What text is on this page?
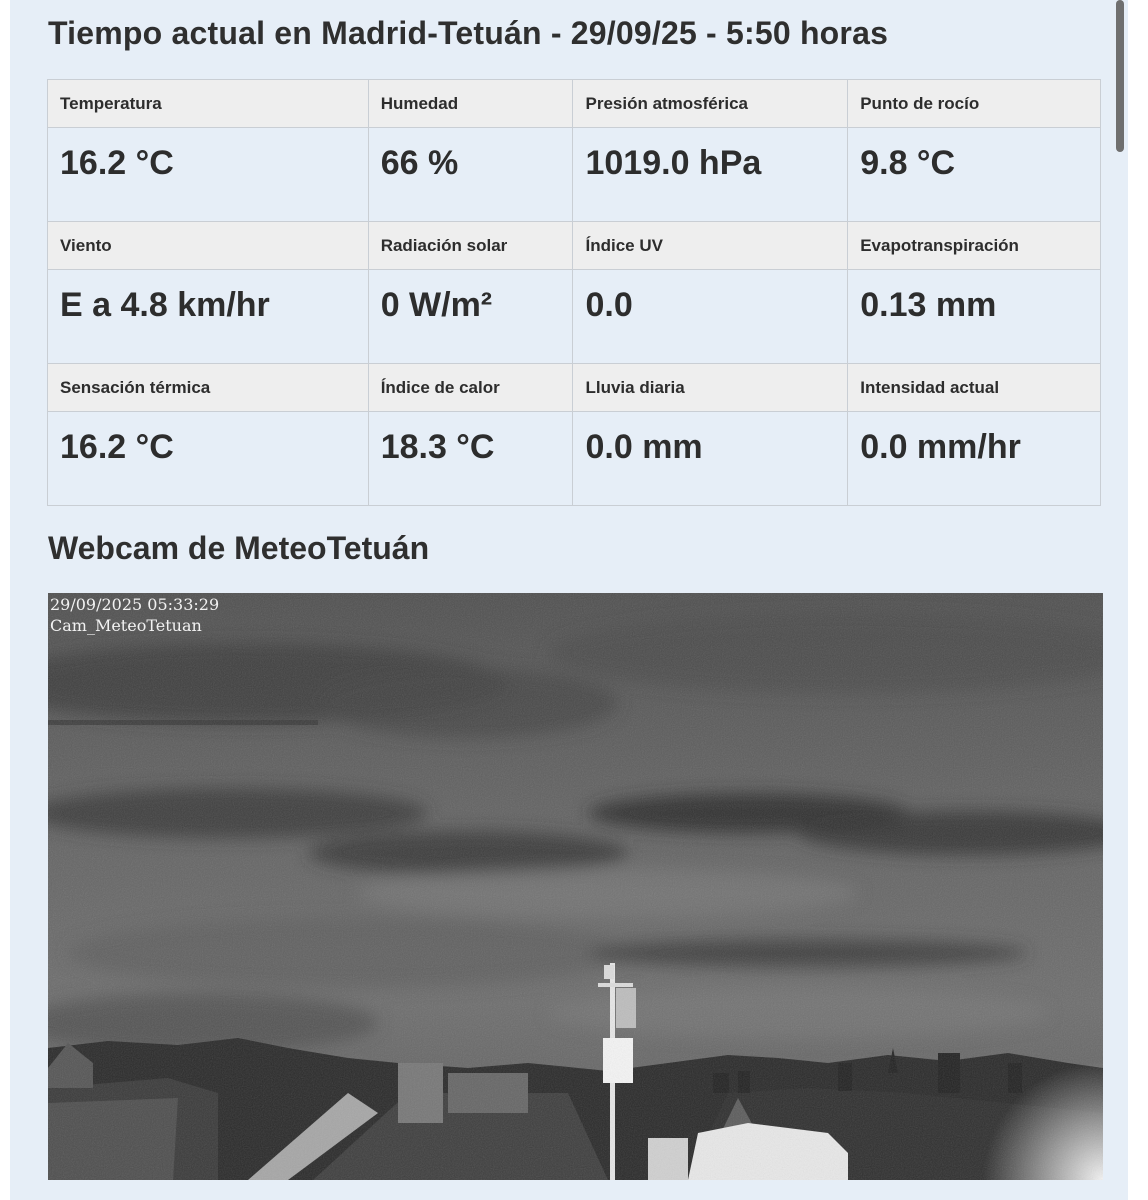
Tiempo actual en Madrid-Tetuán - 29/09/25 - 5:50 horas
Temperatura	Humedad	Presión atmosférica	Punto de rocío
16.2 °C	66 %	1019.0 hPa	9.8 °C
Viento	Radiación solar	Índice UV	Evapotranspiración
E a 4.8 km/hr	0 W/m²	0.0	0.13 mm
Sensación térmica	Índice de calor	Lluvia diaria	Intensidad actual
16.2 °C	18.3 °C	0.0 mm	0.0 mm/hr
Webcam de MeteoTetuán
29/09/2025 05:33:29
Cam_MeteoTetuan
